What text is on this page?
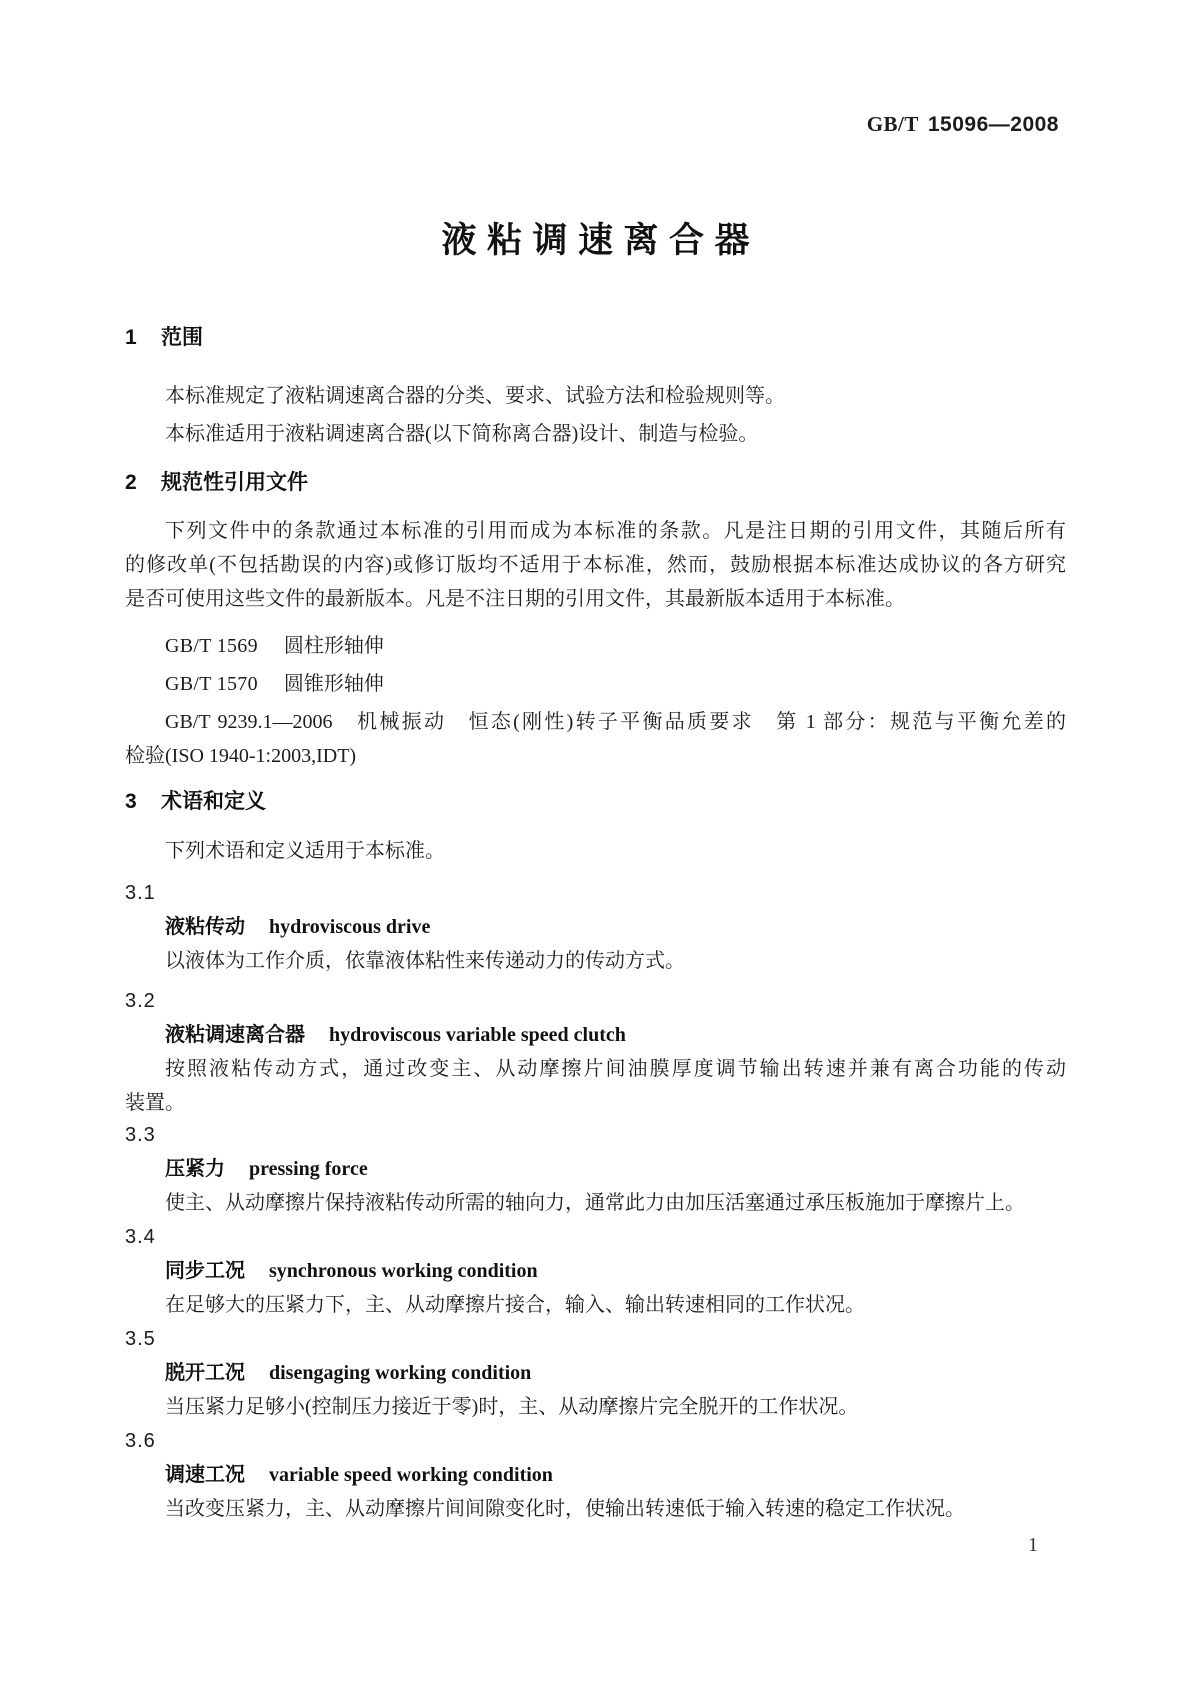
GB/T 15096—2008
液粘调速离合器
1 范围
本标准规定了液粘调速离合器的分类、要求、试验方法和检验规则等。
本标准适用于液粘调速离合器(以下简称离合器)设计、制造与检验。
2 规范性引用文件
下列文件中的条款通过本标准的引用而成为本标准的条款。凡是注日期的引用文件，其随后所有
的修改单(不包括勘误的内容)或修订版均不适用于本标准，然而，鼓励根据本标准达成协议的各方研究
是否可使用这些文件的最新版本。凡是不注日期的引用文件，其最新版本适用于本标准。
GB/T 1569 圆柱形轴伸
GB/T 1570 圆锥形轴伸
GB/T 9239.1—2006　机械振动　恒态(刚性)转子平衡品质要求　第 1 部分：规范与平衡允差的
检验(ISO 1940-1:2003,IDT)
3 术语和定义
下列术语和定义适用于本标准。
3.1
液粘传动 hydroviscous drive
以液体为工作介质，依靠液体粘性来传递动力的传动方式。
3.2
液粘调速离合器 hydroviscous variable speed clutch
按照液粘传动方式，通过改变主、从动摩擦片间油膜厚度调节输出转速并兼有离合功能的传动
装置。
3.3
压紧力 pressing force
使主、从动摩擦片保持液粘传动所需的轴向力，通常此力由加压活塞通过承压板施加于摩擦片上。
3.4
同步工况 synchronous working condition
在足够大的压紧力下，主、从动摩擦片接合，输入、输出转速相同的工作状况。
3.5
脱开工况 disengaging working condition
当压紧力足够小(控制压力接近于零)时，主、从动摩擦片完全脱开的工作状况。
3.6
调速工况 variable speed working condition
当改变压紧力，主、从动摩擦片间间隙变化时，使输出转速低于输入转速的稳定工作状况。
1
